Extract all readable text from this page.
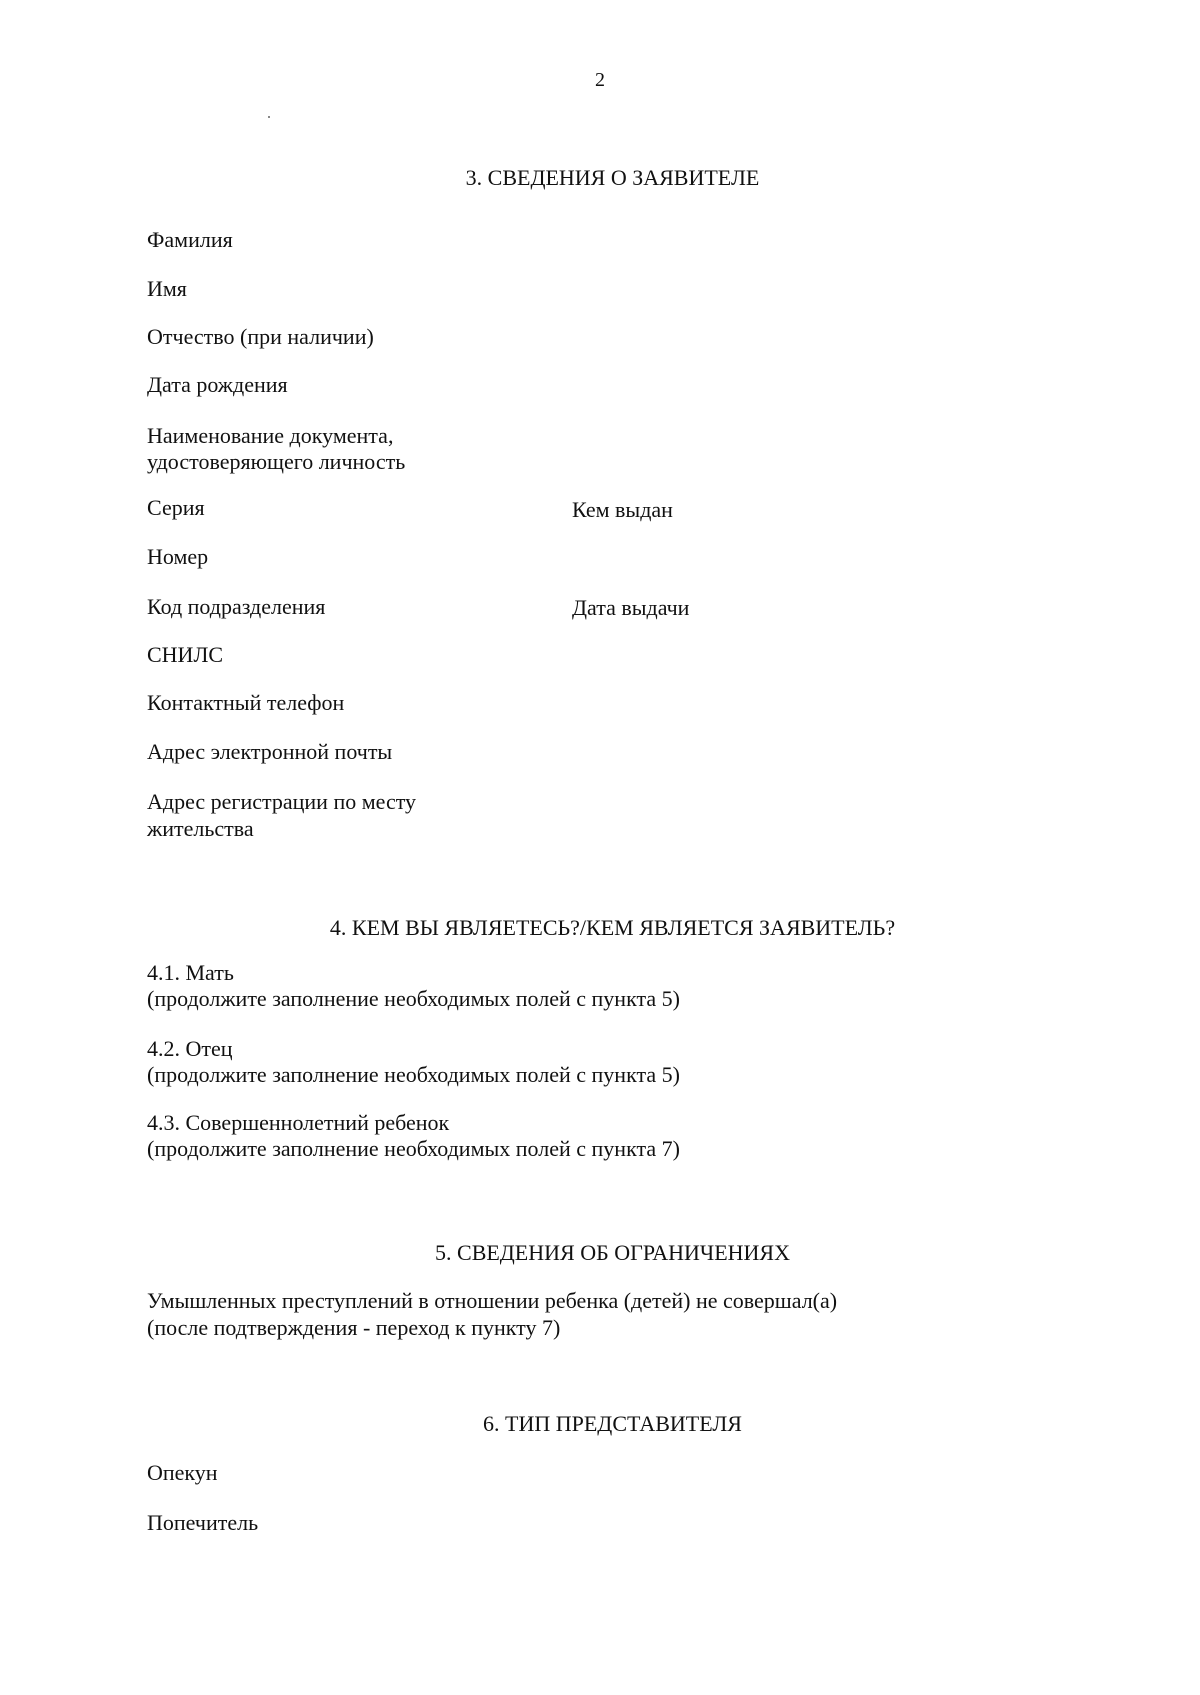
2
3. СВЕДЕНИЯ О ЗАЯВИТЕЛЕ
Фамилия
Имя
Отчество (при наличии)
Дата рождения
Наименование документа,
удостоверяющего личность
Серия	Кем выдан
Номер
Код подразделения	Дата выдачи
СНИЛС
Контактный телефон
Адрес электронной почты
Адрес регистрации по месту
жительства
4. КЕМ ВЫ ЯВЛЯЕТЕСЬ?/КЕМ ЯВЛЯЕТСЯ ЗАЯВИТЕЛЬ?
4.1. Мать
(продолжите заполнение необходимых полей с пункта 5)
4.2. Отец
(продолжите заполнение необходимых полей с пункта 5)
4.3. Совершеннолетний ребенок
(продолжите заполнение необходимых полей с пункта 7)
5. СВЕДЕНИЯ ОБ ОГРАНИЧЕНИЯХ
Умышленных преступлений в отношении ребенка (детей) не совершал(а)
(после подтверждения - переход к пункту 7)
6. ТИП ПРЕДСТАВИТЕЛЯ
Опекун
Попечитель
